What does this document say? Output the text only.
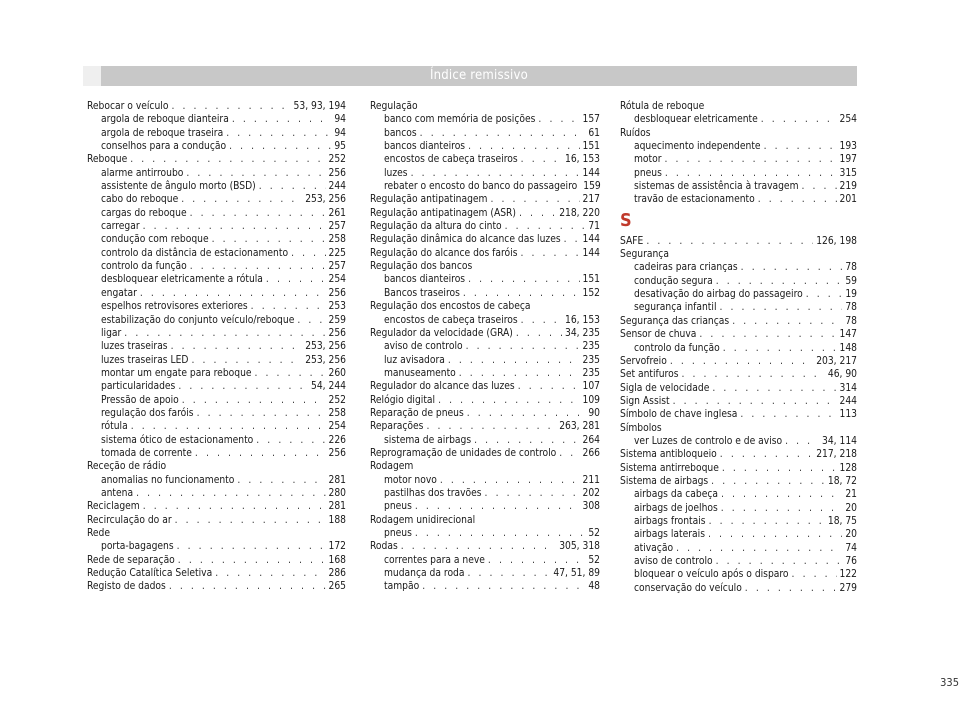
Índice remissivo
Rebocar o veículo . . .	53, 93, 194
argola de reboque dianteira . . .	94
argola de reboque traseira . . .	94
conselhos para a condução . . .	95
Reboque . . .	252
alarme antirroubo . . .	256
assistente de ângulo morto (BSD) . . .	244
cabo do reboque . . .	253, 256
cargas do reboque . . .	261
carregar . . .	257
condução com reboque . . .	258
controlo da distância de estacionamento . . .	225
controlo da função . . .	257
desbloquear eletricamente a rótula . . .	254
engatar . . .	256
espelhos retrovisores exteriores . . .	253
estabilização do conjunto veículo/reboque . . .	259
ligar . . .	256
luzes traseiras . . .	253, 256
luzes traseiras LED . . .	253, 256
montar um engate para reboque . . .	260
particularidades . . .	54, 244
Pressão de apoio . . .	252
regulação dos faróis . . .	258
rótula . . .	254
sistema ótico de estacionamento . . .	226
tomada de corrente . . .	256
Receção de rádio
anomalias no funcionamento . . .	281
antena . . .	280
Reciclagem . . .	281
Recirculação do ar . . .	188
Rede
porta-bagagens . . .	172
Rede de separação . . .	168
Redução Catalítica Seletiva . . .	286
Registo de dados . . .	265
Regulação
banco com memória de posições . . .	157
bancos . . .	61
bancos dianteiros . . .	151
encostos de cabeça traseiros . . .	16, 153
luzes . . .	144
rebater o encosto do banco do passageiro 159
Regulação antipatinagem . . .	217
Regulação antipatinagem (ASR) . . .	218, 220
Regulação da altura do cinto . . .	71
Regulação dinâmica do alcance das luzes . . . 144
Regulação do alcance dos faróis . . .	144
Regulação dos bancos
bancos dianteiros . . .	151
Bancos traseiros . . .	152
Regulação dos encostos de cabeça
encostos de cabeça traseiros . . .	16, 153
Regulador da velocidade (GRA) . . .	34, 235
aviso de controlo . . .	235
luz avisadora . . .	235
manuseamento . . .	235
Regulador do alcance das luzes . . .	107
Relógio digital . . .	109
Reparação de pneus . . .	90
Reparações . . .	263, 281
sistema de airbags . . .	264
Reprogramação de unidades de controlo . . .	266
Rodagem
motor novo . . .	211
pastilhas dos travões . . .	202
pneus . . .	308
Rodagem unidirecional
pneus . . .	52
Rodas . . .	305, 318
correntes para a neve . . .	52
mudança da roda . . .	47, 51, 89
tampão . . .	48
Rótula de reboque
desbloquear eletricamente . . .	254
Ruídos
aquecimento independente . . .	193
motor . . .	197
pneus . . .	315
sistemas de assistência à travagem . . .	219
travão de estacionamento . . .	201
S
SAFE . . .	126, 198
Segurança
cadeiras para crianças . . .	78
condução segura . . .	59
desativação do airbag do passageiro . . .	19
segurança infantil . . .	78
Segurança das crianças . . .	78
Sensor de chuva . . .	147
controlo da função . . .	148
Servofreio . . .	203, 217
Set antifuros . . .	46, 90
Sigla de velocidade . . .	314
Sign Assist . . .	244
Símbolo de chave inglesa . . .	113
Símbolos
ver Luzes de controlo e de aviso . . .	34, 114
Sistema antibloqueio . . .	217, 218
Sistema antirreboque . . .	128
Sistema de airbags . . .	18, 72
airbags da cabeça . . .	21
airbags de joelhos . . .	20
airbags frontais . . .	18, 75
airbags laterais . . .	20
ativação . . .	74
aviso de controlo . . .	76
bloquear o veículo após o disparo . . .	122
conservação do veículo . . .	279
335
